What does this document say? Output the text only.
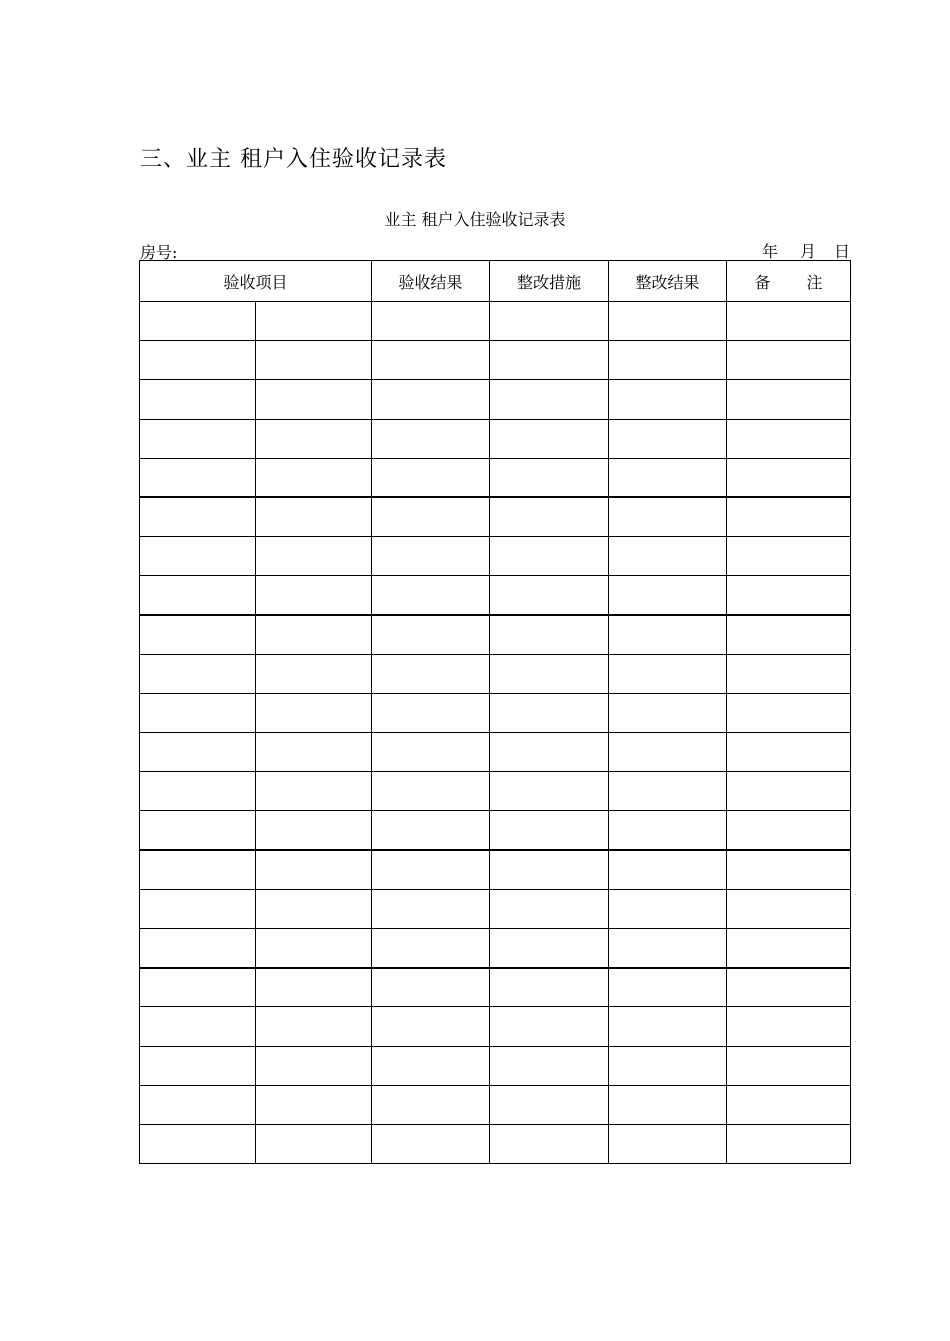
三、业主 租户入住验收记录表
业主 租户入住验收记录表
房号:	年 月 日
验收项目		验收结果	整改措施	整改结果	备 注
